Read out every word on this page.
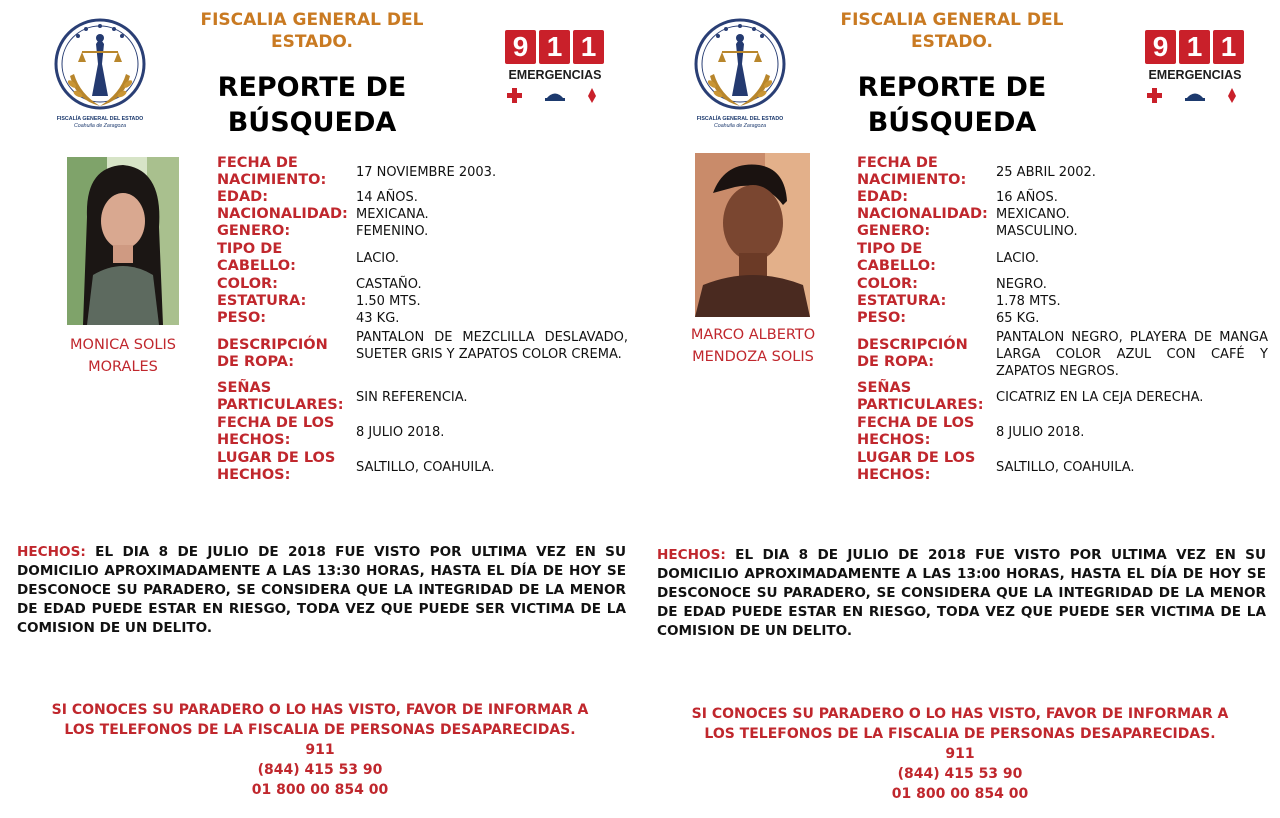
FISCALÍA GENERAL DEL ESTADO
Coahuila de Zaragoza
FISCALIA GENERAL DEL ESTADO.
REPORTE DE BÚSQUEDA
9 1 1
EMERGENCIAS
MONICA SOLIS MORALES
FECHA DE NACIMIENTO: 17 NOVIEMBRE 2003.
EDAD:	14 AÑOS.
NACIONALIDAD: MEXICANA.
GENERO:	FEMENINO.
TIPO DE CABELLO:	LACIO.
COLOR:	CASTAÑO.
ESTATURA:	1.50 MTS.
PESO:	43 KG.
DESCRIPCIÓN DE ROPA:
PANTALON DE MEZCLILLA DESLAVADO, SUETER GRIS Y ZAPATOS COLOR CREMA.
SEÑAS PARTICULARES: SIN REFERENCIA.
FECHA DE LOS HECHOS:	8 JULIO 2018.
LUGAR DE LOS HECHOS:	SALTILLO, COAHUILA.
HECHOS: EL DIA 8 DE JULIO DE 2018 FUE VISTO POR ULTIMA VEZ EN SU DOMICILIO APROXIMADAMENTE A LAS 13:30 HORAS, HASTA EL DÍA DE HOY SE DESCONOCE SU PARADERO, SE CONSIDERA QUE LA INTEGRIDAD DE LA MENOR DE EDAD PUEDE ESTAR EN RIESGO, TODA VEZ QUE PUEDE SER VICTIMA DE LA COMISION DE UN DELITO.
SI CONOCES SU PARADERO O LO HAS VISTO, FAVOR DE INFORMAR A
LOS TELEFONOS DE LA FISCALIA DE PERSONAS DESAPARECIDAS.
911
(844) 415 53 90
01 800 00 854 00
FISCALÍA GENERAL DEL ESTADO
Coahuila de Zaragoza
FISCALIA GENERAL DEL ESTADO.
REPORTE DE BÚSQUEDA
9 1 1
EMERGENCIAS
MARCO ALBERTO MENDOZA SOLIS
FECHA DE NACIMIENTO: 25 ABRIL 2002.
EDAD:	16 AÑOS.
NACIONALIDAD: MEXICANO.
GENERO:	MASCULINO.
TIPO DE CABELLO:	LACIO.
COLOR:	NEGRO.
ESTATURA:	1.78 MTS.
PESO:	65 KG.
DESCRIPCIÓN DE ROPA:
PANTALON NEGRO, PLAYERA DE MANGA LARGA COLOR AZUL CON CAFÉ Y ZAPATOS NEGROS.
SEÑAS PARTICULARES: CICATRIZ EN LA CEJA DERECHA.
FECHA DE LOS HECHOS:	8 JULIO 2018.
LUGAR DE LOS HECHOS:	SALTILLO, COAHUILA.
HECHOS: EL DIA 8 DE JULIO DE 2018 FUE VISTO POR ULTIMA VEZ EN SU DOMICILIO APROXIMADAMENTE A LAS 13:00 HORAS, HASTA EL DÍA DE HOY SE DESCONOCE SU PARADERO, SE CONSIDERA QUE LA INTEGRIDAD DE LA MENOR DE EDAD PUEDE ESTAR EN RIESGO, TODA VEZ QUE PUEDE SER VICTIMA DE LA COMISION DE UN DELITO.
SI CONOCES SU PARADERO O LO HAS VISTO, FAVOR DE INFORMAR A
LOS TELEFONOS DE LA FISCALIA DE PERSONAS DESAPARECIDAS.
911
(844) 415 53 90
01 800 00 854 00
